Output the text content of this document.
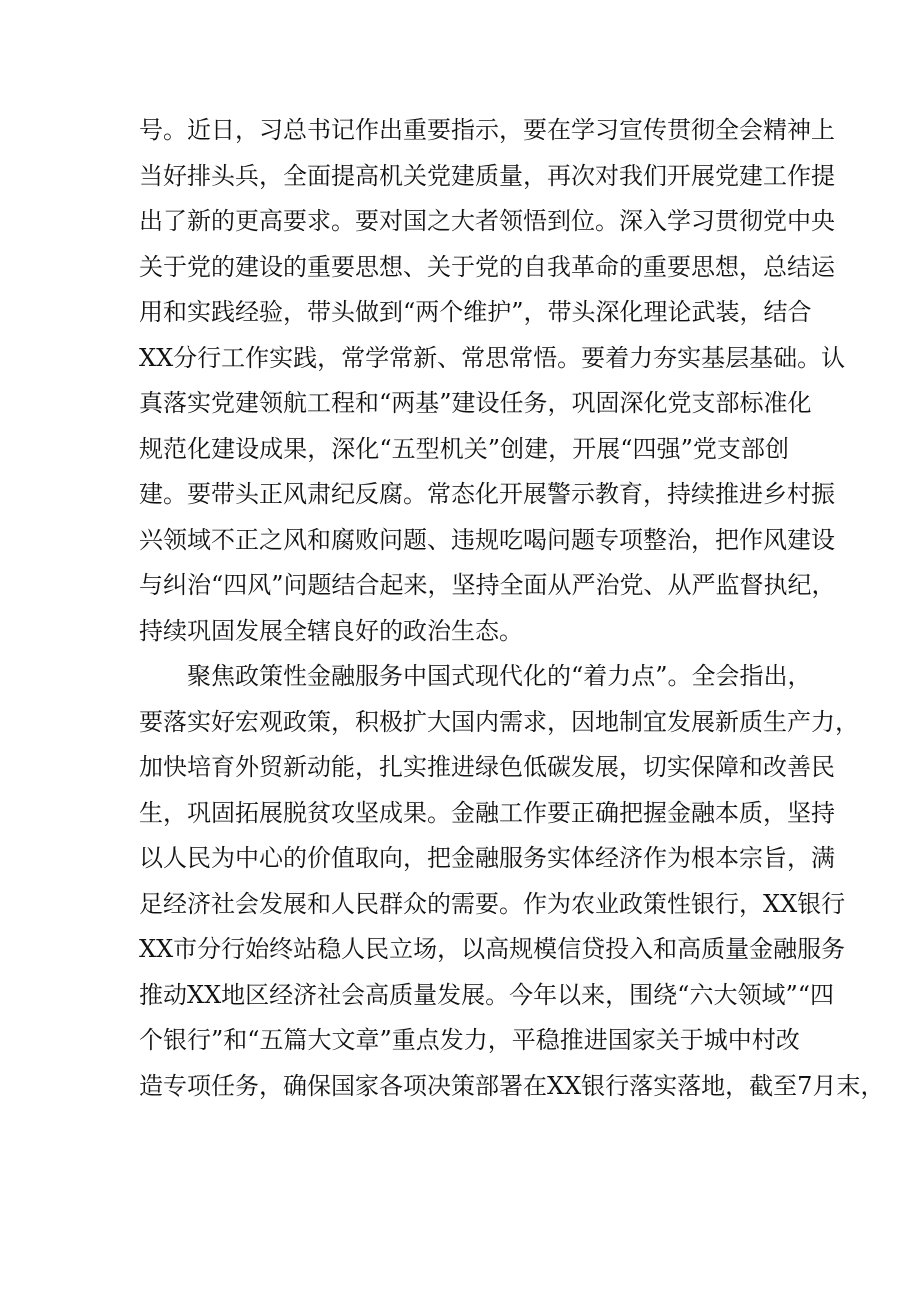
号。近日，习总书记作出重要指示，要在学习宣传贯彻全会精神上
当好排头兵，全面提高机关党建质量，再次对我们开展党建工作提
出了新的更高要求。要对国之大者领悟到位。深入学习贯彻党中央
关于党的建设的重要思想、关于党的自我革命的重要思想，总结运
用和实践经验，带头做到“两个维护”，带头深化理论武装，结合
XX分行工作实践，常学常新、常思常悟。要着力夯实基层基础。认
真落实党建领航工程和“两基”建设任务，巩固深化党支部标准化
规范化建设成果，深化“五型机关”创建，开展“四强”党支部创
建。要带头正风肃纪反腐。常态化开展警示教育，持续推进乡村振
兴领域不正之风和腐败问题、违规吃喝问题专项整治，把作风建设
与纠治“四风”问题结合起来，坚持全面从严治党、从严监督执纪，
持续巩固发展全辖良好的政治生态。
聚焦政策性金融服务中国式现代化的“着力点”。全会指出，
要落实好宏观政策，积极扩大国内需求，因地制宜发展新质生产力，
加快培育外贸新动能，扎实推进绿色低碳发展，切实保障和改善民
生，巩固拓展脱贫攻坚成果。金融工作要正确把握金融本质，坚持
以人民为中心的价值取向，把金融服务实体经济作为根本宗旨，满
足经济社会发展和人民群众的需要。作为农业政策性银行，XX银行
XX市分行始终站稳人民立场，以高规模信贷投入和高质量金融服务
推动XX地区经济社会高质量发展。今年以来，围绕“六大领域”“四
个银行”和“五篇大文章”重点发力，平稳推进国家关于城中村改
造专项任务，确保国家各项决策部署在XX银行落实落地，截至7月末，
